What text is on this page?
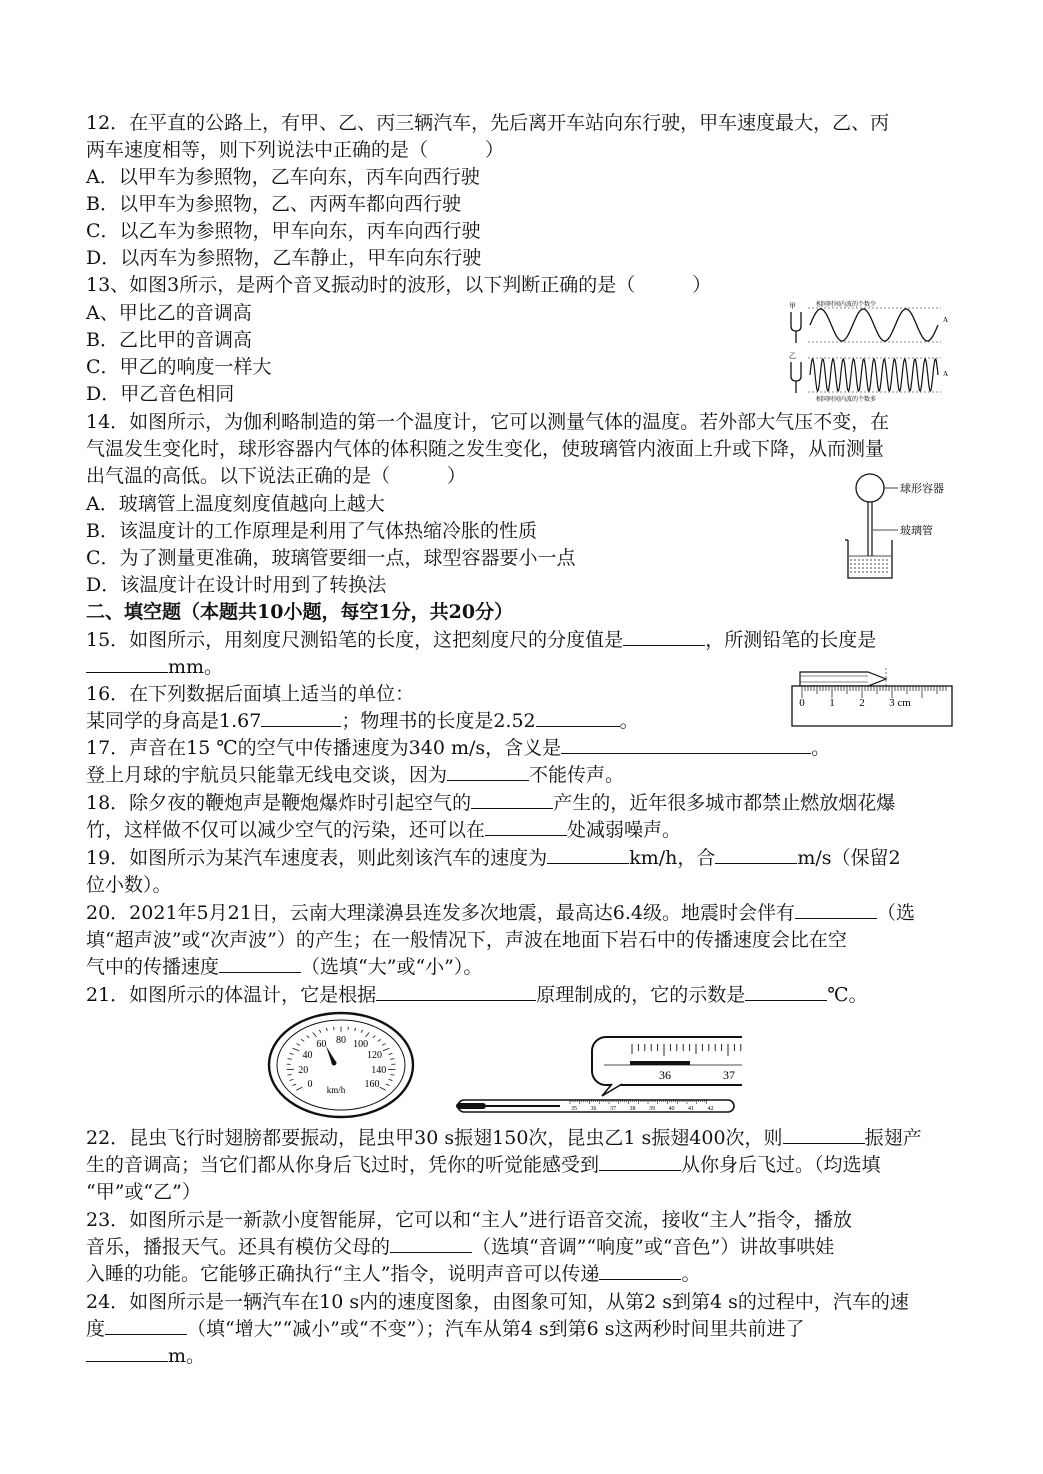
12．在平直的公路上，有甲、乙、丙三辆汽车，先后离开车站向东行驶，甲车速度最大，乙、丙
两车速度相等，则下列说法中正确的是（　　　）
A．以甲车为参照物，乙车向东，丙车向西行驶
B．以甲车为参照物，乙、丙两车都向西行驶
C．以乙车为参照物，甲车向东，丙车向西行驶
D．以丙车为参照物，乙车静止，甲车向东行驶
13、如图3所示，是两个音叉振动时的波形，以下判断正确的是（　　　）
A、甲比乙的音调高
B．乙比甲的音调高
C．甲乙的响度一样大
D．甲乙音色相同
甲	相同时间内波的个数少
A
乙
A
相同时间内波的个数多
14．如图所示，为伽利略制造的第一个温度计，它可以测量气体的温度。若外部大气压不变，在
气温发生变化时，球形容器内气体的体积随之发生变化，使玻璃管内液面上升或下降，从而测量
出气温的高低。以下说法正确的是（　　　）
A．玻璃管上温度刻度值越向上越大
B．该温度计的工作原理是利用了气体热缩冷胀的性质
C．为了测量更准确，玻璃管要细一点，球型容器要小一点
D．该温度计在设计时用到了转换法
球形容器
玻璃管
二、填空题（本题共10小题，每空1分，共20分）
15．如图所示，用刻度尺测铅笔的长度，这把刻度尺的分度值是	，所测铅笔的长度是
mm。
0 1 2 3 cm
16．在下列数据后面填上适当的单位：
某同学的身高是1.67	；物理书的长度是2.52	。
17．声音在15 ℃的空气中传播速度为340 m/s，含义是	。
登上月球的宇航员只能靠无线电交谈，因为	不能传声。
18．除夕夜的鞭炮声是鞭炮爆炸时引起空气的	产生的，近年很多城市都禁止燃放烟花爆
竹，这样做不仅可以减少空气的污染，还可以在	处减弱噪声。
19．如图所示为某汽车速度表，则此刻该汽车的速度为	km/h，合	m/s（保留2
位小数）。
20．2021年5月21日，云南大理漾濞县连发多次地震，最高达6.4级。地震时会伴有	（选
填“超声波”或“次声波”）的产生；在一般情况下，声波在地面下岩石中的传播速度会比在空
气中的传播速度	（选填“大”或“小”）。
21．如图所示的体温计，它是根据	原理制成的，它的示数是	℃。
0
20
40
60 80 100
120
140
160
km/h
36	37
35 36 37 38 39 40 41 42
22．昆虫飞行时翅膀都要振动，昆虫甲30 s振翅150次，昆虫乙1 s振翅400次，则	振翅产
生的音调高；当它们都从你身后飞过时，凭你的听觉能感受到	从你身后飞过。（均选填
“甲”或“乙”）
23．如图所示是一新款小度智能屏，它可以和“主人”进行语音交流，接收“主人”指令，播放
音乐，播报天气。还具有模仿父母的	（选填“音调”“响度”或“音色”）讲故事哄娃
入睡的功能。它能够正确执行“主人”指令，说明声音可以传递	。
24．如图所示是一辆汽车在10 s内的速度图象，由图象可知，从第2 s到第4 s的过程中，汽车的速
度	（填“增大”“减小”或“不变”）；汽车从第4 s到第6 s这两秒时间里共前进了
m。
